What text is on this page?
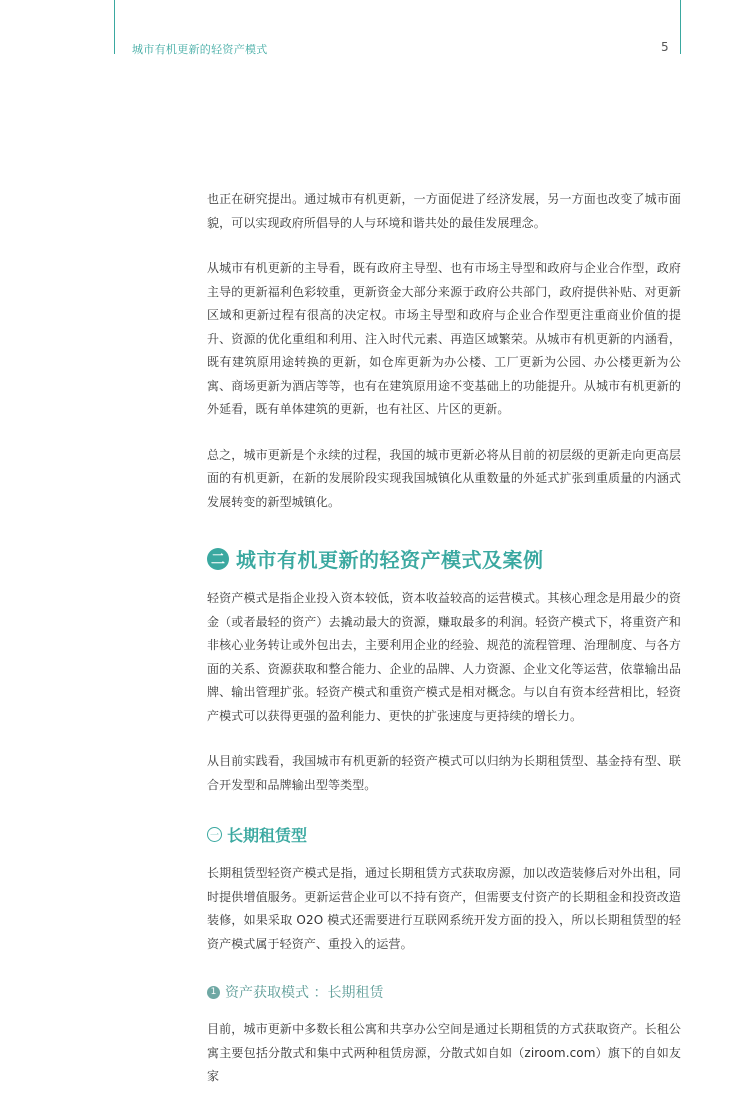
城市有机更新的轻资产模式	5

也正在研究提出。通过城市有机更新，一方面促进了经济发展，另一方面也改变了城市面貌，可以实现政府所倡导的人与环境和谐共处的最佳发展理念。

从城市有机更新的主导看，既有政府主导型、也有市场主导型和政府与企业合作型，政府主导的更新福利色彩较重，更新资金大部分来源于政府公共部门，政府提供补贴、对更新区域和更新过程有很高的决定权。市场主导型和政府与企业合作型更注重商业价值的提升、资源的优化重组和利用、注入时代元素、再造区域繁荣。从城市有机更新的内涵看，既有建筑原用途转换的更新，如仓库更新为办公楼、工厂更新为公园、办公楼更新为公寓、商场更新为酒店等等，也有在建筑原用途不变基础上的功能提升。从城市有机更新的外延看，既有单体建筑的更新，也有社区、片区的更新。

总之，城市更新是个永续的过程，我国的城市更新必将从目前的初层级的更新走向更高层面的有机更新，在新的发展阶段实现我国城镇化从重数量的外延式扩张到重质量的内涵式发展转变的新型城镇化。

二 城市有机更新的轻资产模式及案例

轻资产模式是指企业投入资本较低，资本收益较高的运营模式。其核心理念是用最少的资金（或者最轻的资产）去撬动最大的资源，赚取最多的利润。轻资产模式下，将重资产和非核心业务转让或外包出去，主要利用企业的经验、规范的流程管理、治理制度、与各方面的关系、资源获取和整合能力、企业的品牌、人力资源、企业文化等运营，依靠输出品牌、输出管理扩张。轻资产模式和重资产模式是相对概念。与以自有资本经营相比，轻资产模式可以获得更强的盈利能力、更快的扩张速度与更持续的增长力。

从目前实践看，我国城市有机更新的轻资产模式可以归纳为长期租赁型、基金持有型、联合开发型和品牌输出型等类型。

一 长期租赁型

长期租赁型轻资产模式是指，通过长期租赁方式获取房源，加以改造装修后对外出租，同时提供增值服务。更新运营企业可以不持有资产，但需要支付资产的长期租金和投资改造装修，如果采取 O2O 模式还需要进行互联网系统开发方面的投入，所以长期租赁型的轻资产模式属于轻资产、重投入的运营。

1 资产获取模式 ：长期租赁

目前，城市更新中多数长租公寓和共享办公空间是通过长期租赁的方式获取资产。长租公寓主要包括分散式和集中式两种租赁房源，分散式如自如（ziroom.com）旗下的自如友家
